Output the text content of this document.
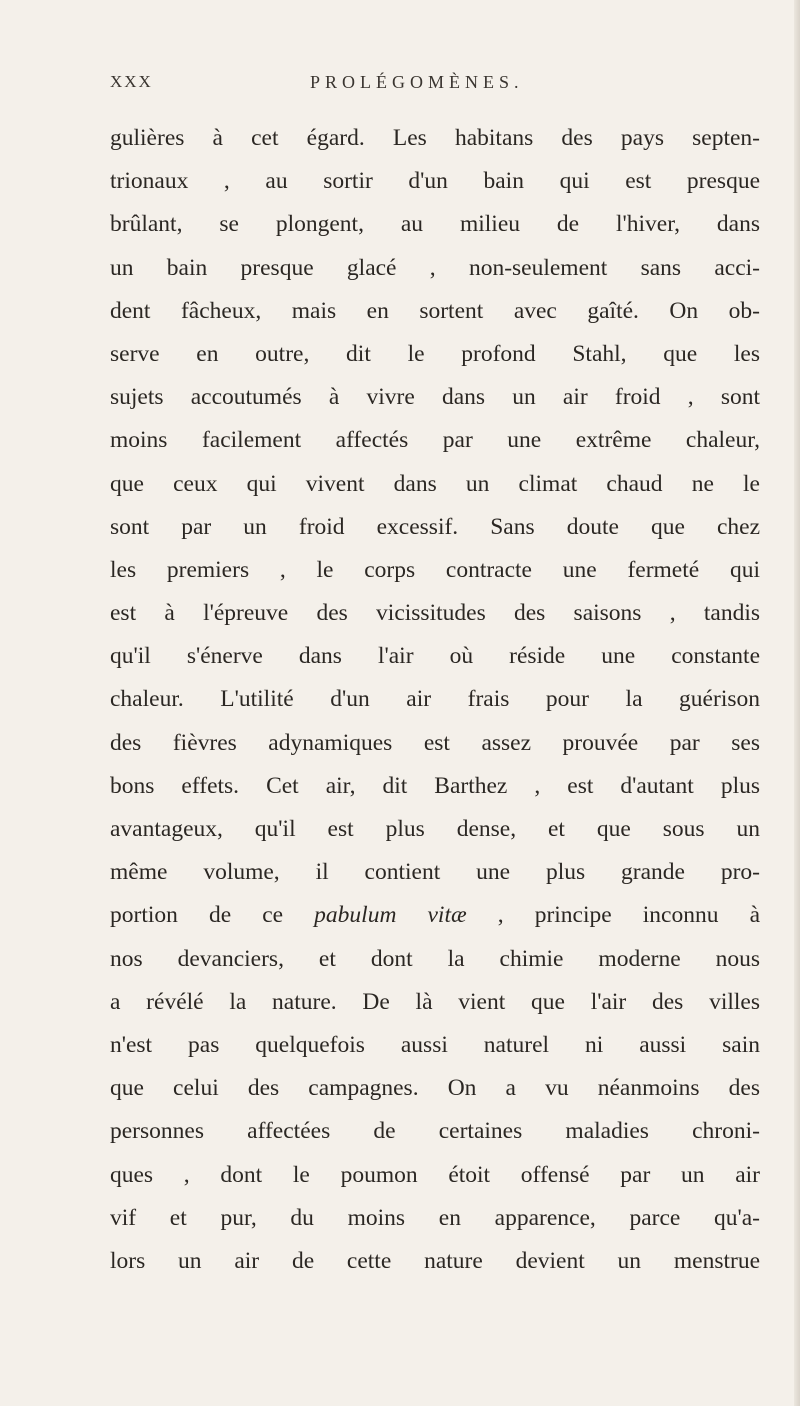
XXX	PROLÉGOMÈNES.
gulières à cet égard. Les habitans des pays septen-
trionaux , au sortir d'un bain qui est presque
brûlant, se plongent, au milieu de l'hiver, dans
un bain presque glacé , non-seulement sans acci-
dent fâcheux, mais en sortent avec gaîté. On ob-
serve en outre, dit le profond Stahl, que les
sujets accoutumés à vivre dans un air froid , sont
moins facilement affectés par une extrême chaleur,
que ceux qui vivent dans un climat chaud ne le
sont par un froid excessif. Sans doute que chez
les premiers , le corps contracte une fermeté qui
est à l'épreuve des vicissitudes des saisons , tandis
qu'il s'énerve dans l'air où réside une constante
chaleur. L'utilité d'un air frais pour la guérison
des fièvres adynamiques est assez prouvée par ses
bons effets. Cet air, dit Barthez , est d'autant plus
avantageux, qu'il est plus dense, et que sous un
même volume, il contient une plus grande pro-
portion de ce pabulum vitæ , principe inconnu à
nos devanciers, et dont la chimie moderne nous
a révélé la nature. De là vient que l'air des villes
n'est pas quelquefois aussi naturel ni aussi sain
que celui des campagnes. On a vu néanmoins des
personnes affectées de certaines maladies chroni-
ques , dont le poumon étoit offensé par un air
vif et pur, du moins en apparence, parce qu'a-
lors un air de cette nature devient un menstrue
